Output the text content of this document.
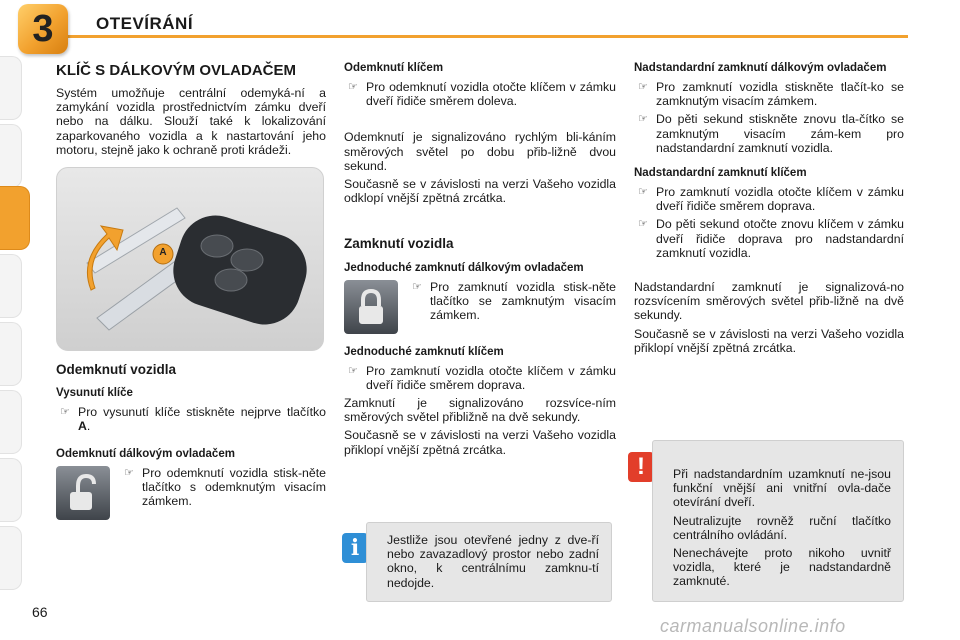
3	OTEVÍRÁNÍ
KLÍČ S DÁLKOVÝM OVLADAČEM

Systém umožňuje centrální odemyká-ní a zamykání vozidla prostřednictvím zámku dveří nebo na dálku. Slouží také k lokalizování zaparkovaného vozidla a k nastartování jeho motoru, stejně jako k ochraně proti krádeži.

A
Odemknutí vozidla
Vysunutí klíče
☞ Pro vysunutí klíče stiskněte nejprve tlačítko A.
Odemknutí dálkovým ovladačem
☞ Pro odemknutí vozidla stisk-něte tlačítko s odemknutým visacím zámkem.
Odemknutí klíčem
☞ Pro odemknutí vozidla otočte klíčem v zámku dveří řidiče směrem doleva.

Odemknutí je signalizováno rychlým bli-káním směrových světel po dobu přib-ližně dvou sekund.

Současně se v závislosti na verzi Vašeho vozidla odklopí vnější zpětná zrcátka.

Zamknutí vozidla
Jednoduché zamknutí dálkovým ovladačem
☞ Pro zamknutí vozidla stisk-něte tlačítko se zamknutým visacím zámkem.
Jednoduché zamknutí klíčem
☞ Pro zamknutí vozidla otočte klíčem v zámku dveří řidiče směrem doprava.

Zamknutí je signalizováno rozsvíce-ním směrových světel přibližně na dvě sekundy.

Současně se v závislosti na verzi Vašeho vozidla přiklopí vnější zpětná zrcátka.

Nadstandardní zamknutí dálkovým ovladačem
☞ Pro zamknutí vozidla stiskněte tlačít-ko se zamknutým visacím zámkem.
☞ Do pěti sekund stiskněte znovu tla-čítko se zamknutým visacím zám-kem pro nadstandardní zamknutí vozidla.
Nadstandardní zamknutí klíčem
☞ Pro zamknutí vozidla otočte klíčem v zámku dveří řidiče směrem doprava.
☞ Do pěti sekund otočte znovu klíčem v zámku dveří řidiče doprava pro nadstandardní zamknutí vozidla.

Nadstandardní zamknutí je signalizová-no rozsvícením směrových světel přib-ližně na dvě sekundy.

Současně se v závislosti na verzi Vašeho vozidla přiklopí vnější zpětná zrcátka.

i	Jestliže jsou otevřené jedny z dve-ří nebo zavazadlový prostor nebo zadní okno, k centrálnímu zamknu-tí nedojde.

!	Při nadstandardním uzamknutí ne-jsou funkční vnější ani vnitřní ovla-dače otevírání dveří.

Neutralizujte rovněž ruční tlačítko centrálního ovládání.

Nenechávejte proto nikoho uvnitř vozidla, které je nadstandardně zamknuté.

66
carmanualsonline.info
